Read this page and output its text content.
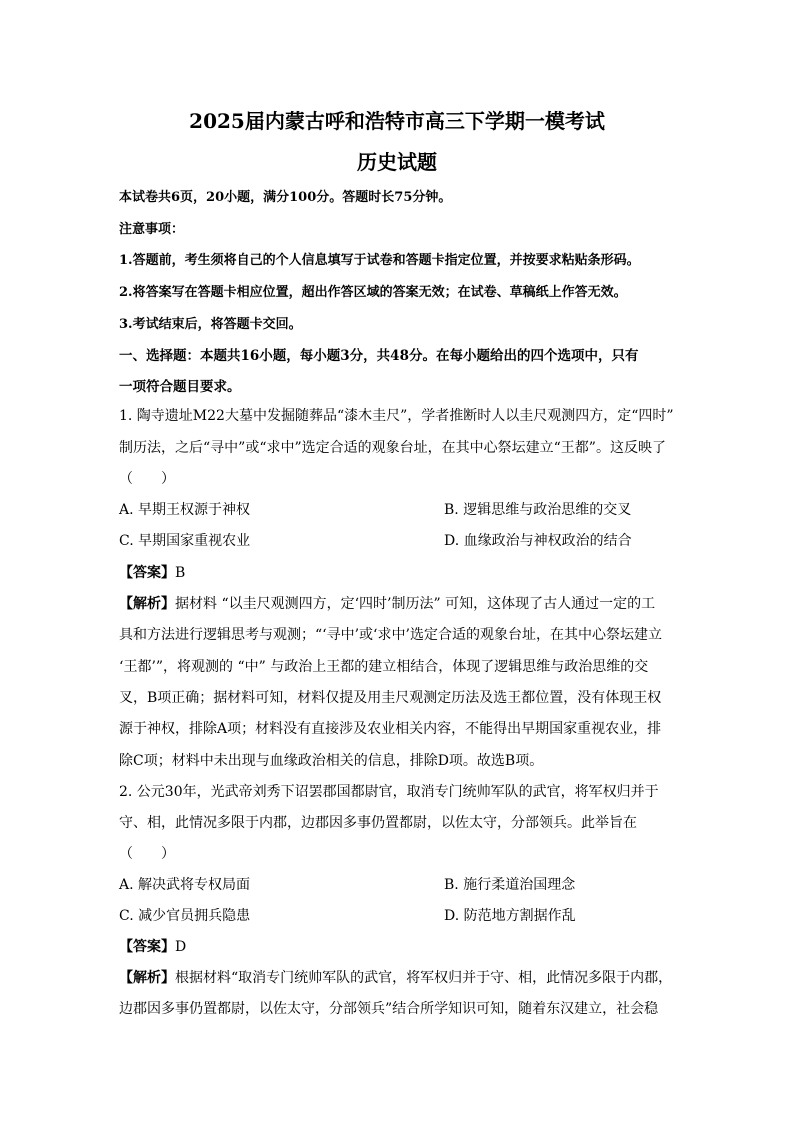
2025届内蒙古呼和浩特市高三下学期一模考试
历史试题
本试卷共6页，20小题，满分100分。答题时长75分钟。
注意事项：
1.答题前，考生须将自己的个人信息填写于试卷和答题卡指定位置，并按要求粘贴条形码。
2.将答案写在答题卡相应位置，超出作答区域的答案无效；在试卷、草稿纸上作答无效。
3.考试结束后，将答题卡交回。
一、选择题：本题共16小题，每小题3分，共48分。在每小题给出的四个选项中，只有
一项符合题目要求。
1. 陶寺遗址M22大墓中发掘随葬品“漆木圭尺”，学者推断时人以圭尺观测四方，定“四时”
制历法，之后“寻中”或“求中”选定合适的观象台址，在其中心祭坛建立“王都”。这反映了
（　　）
A. 早期王权源于神权	B. 逻辑思维与政治思维的交叉
C. 早期国家重视农业	D. 血缘政治与神权政治的结合
【答案】B
【解析】据材料 “以圭尺观测四方，定‘四时’制历法” 可知，这体现了古人通过一定的工
具和方法进行逻辑思考与观测；“‘寻中’或‘求中’选定合适的观象台址，在其中心祭坛建立
‘王都’”，将观测的 “中” 与政治上王都的建立相结合，体现了逻辑思维与政治思维的交
叉，B项正确；据材料可知，材料仅提及用圭尺观测定历法及选王都位置，没有体现王权
源于神权，排除A项；材料没有直接涉及农业相关内容，不能得出早期国家重视农业，排
除C项；材料中未出现与血缘政治相关的信息，排除D项。故选B项。
2. 公元30年，光武帝刘秀下诏罢郡国都尉官，取消专门统帅军队的武官，将军权归并于
守、相，此情况多限于内郡，边郡因多事仍置都尉，以佐太守，分部领兵。此举旨在
（　　）
A. 解决武将专权局面	B. 施行柔道治国理念
C. 减少官员拥兵隐患	D. 防范地方割据作乱
【答案】D
【解析】根据材料“取消专门统帅军队的武官，将军权归并于守、相，此情况多限于内郡，
边郡因多事仍置都尉，以佐太守，分部领兵”结合所学知识可知，随着东汉建立，社会稳
